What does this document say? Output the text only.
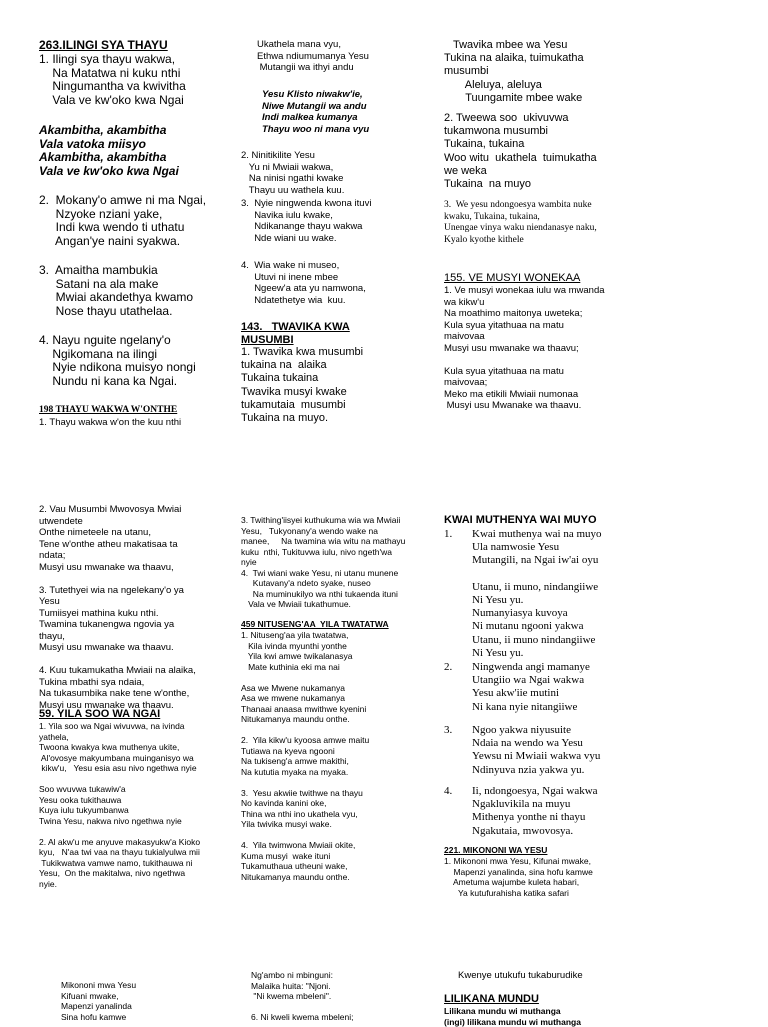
263.ILINGI SYA THAYU
1. Ilingi sya thayu wakwa,
Na Matatwa ni kuku nthi
Ningumantha va kwivitha
Vala ve kw'oko kwa Ngai
Akambitha, akambitha
Vala vatoka miisyo
Akambitha, akambitha
Vala ve kw'oko kwa Ngai
2.  Mokany'o amwe ni ma Ngai,
Nzyoke nziani yake,
Indi kwa wendo ti uthatu
Angan'ye naini syakwa.
3.  Amaitha mambukia
Satani na ala make
Mwiai akandethya kwamo
Nose thayu utathelaa.
4. Nayu nguite ngelany'o
Ngikomana na ilingi
Nyie ndikona muisyo nongi
Nundu ni kana ka Ngai.
198 THAYU WAKWA W'ONTHE
1. Thayu wakwa w'on the kuu nthi
Ukathela mana vyu,
Ethwa ndiumumanya Yesu
Mutangii wa ithyi andu
Yesu Klisto niwakw'ie,
Niwe Mutangii wa andu
Indi malkea kumanya
Thayu woo ni mana vyu
2. Ninitikilite Yesu
Yu ni Mwiaii wakwa,
Na ninisi ngathi kwake
Thayu uu wathela kuu.
3.  Nyie ningwenda kwona ituvi
Navika iulu kwake,
Ndikanange thayu wakwa
Nde wiani uu wake.
4.  Wia wake ni museo,
Utuvi ni inene mbee
Ngeew'a ata yu namwona,
Ndatethetye wia  kuu.
143.   TWAVIKA KWA
MUSUMBI
1. Twavika kwa musumbi
tukaina na  alaika
Tukaina tukaina
Twavika musyi kwake
tukamutaia  musumbi
Tukaina na muyo.
Twavika mbee wa Yesu
Tukina na alaika, tuimukatha
musumbi
Aleluya, aleluya
Tuungamite mbee wake
2. Tweewa soo  ukivuvwa
tukamwona musumbi
Tukaina, tukaina
Woo witu  ukathela  tuimukatha
we weka
Tukaina  na muyo
3.  We yesu ndongoesya wambita nuke
kwaku, Tukaina, tukaina,
Unengae vinya waku niendanasye naku,
Kyalo kyothe kithele
155. VE MUSYI WONEKAA
1. Ve musyi wonekaa iulu wa mwanda
wa kikw'u
Na moathimo maitonya uweteka;
Kula syua yitathuaa na matu
maivovaa
Musyi usu mwanake wa thaavu;

Kula syua yitathuaa na matu
maivovaa;
Meko ma etikili Mwiaii numonaa
Musyi usu Mwanake wa thaavu.
2. Vau Musumbi Mwovosya Mwiai
utwendete
Onthe nimeteele na utanu,
Tene w'onthe atheu makatisaa ta
ndata;
Musyi usu mwanake wa thaavu,

3. Tutethyei wia na ngelekany'o ya
Yesu
Tumiisyei mathina kuku nthi.
Twamina tukanengwa ngovia ya
thayu,
Musyi usu mwanake wa thaavu.

4. Kuu tukamukatha Mwiaii na alaika,
Tukina mbathi sya ndaia,
Na tukasumbika nake tene w'onthe,
Musyi usu mwanake wa thaavu.
59. YILA SOO WA NGAI
1. Yila soo wa Ngai wivuvwa, na ivinda
yathela,
Twoona kwakya kwa muthenya ukite,
Al'ovosye makyumbana muinganisyo wa
kikw'u,   Yesu esia asu nivo ngethwa nyie

Soo wvuvwa tukawiw'a
Yesu ooka tukithauwa
Kuya iulu tukyumbanwa
Twina Yesu, nakwa nivo ngethwa nyie

2. Al akw'u me anyuve makasyukw'a Kioko
kyu,   N'aa twi vaa na thayu tukialyulwa mii
Tukikwatwa vamwe namo, tukithauwa ni
Yesu,  On the makitalwa, nivo ngethwa
nyie.
3. Twithing'iisyei kuthukuma wia wa Mwiaii
Yesu,   Tukyonany'a wendo wake na
manee,     Na twamina wia witu na mathayu
kuku  nthi, Tukituvwa iulu, nivo ngeth'wa
nyie
4.  Twi wiani wake Yesu, ni utanu munene
Kutavany'a ndeto syake, nuseo
Na muminukilyo wa nthi tukaenda ituni
Vala ve Mwiaii tukathumue.
459 NITUSENG'AA  YILA TWATATWA
1. Nituseng'aa yila twatatwa,
Kila ivinda myunthi yonthe
Yila kwi amwe twikalanasya
Mate kuthinia eki ma nai

Asa we Mwene nukamanya
Asa we mwene nukamanya
Thanaai anaasa mwithwe kyenini
Nitukamanya maundu onthe.

2.  Yila kikw'u kyoosa amwe maitu
Tutiawa na kyeva ngooni
Na tukiseng'a amwe makithi,
Na kututia myaka na myaka.

3.  Yesu akwiie twithwe na thayu
No kavinda kanini oke,
Thina wa nthi ino ukathela vyu,
Yila twivika musyi wake.

4.  Yila twimwona Mwiaii okite,
Kuma musyi  wake ituni
Tukamuthaua utheuni wake,
Nitukamanya maundu onthe.
KWAI MUTHENYA WAI MUYO
1. Kwai muthenya wai na muyo
Ula namwosie Yesu
Mutangili, na Ngai iw'ai oyu

Utanu, ii muno, nindangiiwe
Ni Yesu yu.
Numanyiasya kuvoya
Ni mutanu ngooni yakwa
Utanu, ii muno nindangiiwe
Ni Yesu yu.
2. Ningwenda angi mamanye
Utangiio wa Ngai wakwa
Yesu akw'iie mutini
Ni kana nyie nitangiiwe
3. Ngoo yakwa niyusuite
Ndaia na wendo wa Yesu
Yewsu ni Mwiaii wakwa vyu
Ndinyuva nzia yakwa yu.
4. Ii, ndongoesya, Ngai wakwa
Ngakluvikila na muyu
Mithenya yonthe ni thayu
Ngakutaia, mwovosya.
221. MIKONONI WA YESU
1. Mikononi mwa Yesu, Kifunai mwake,
Mapenzi yanalinda, sina hofu kamwe
Ametuma wajumbe kuleta habari,
Ya kutufurahisha katika safari
Mikononi mwa Yesu
Kifuani mwake,
Mapenzi yanalinda
Sina hofu kamwe
Ng'ambo ni mbinguni:
Malaika huita: "Njoni.
"Ni kwema mbeleni".

6. Ni kweli kwema mbeleni;
Kwenye utukufu tukaburudike
LILIKANA MUNDU
Lilikana mundu wi muthanga
(ingi) lilikana mundu wi muthanga
